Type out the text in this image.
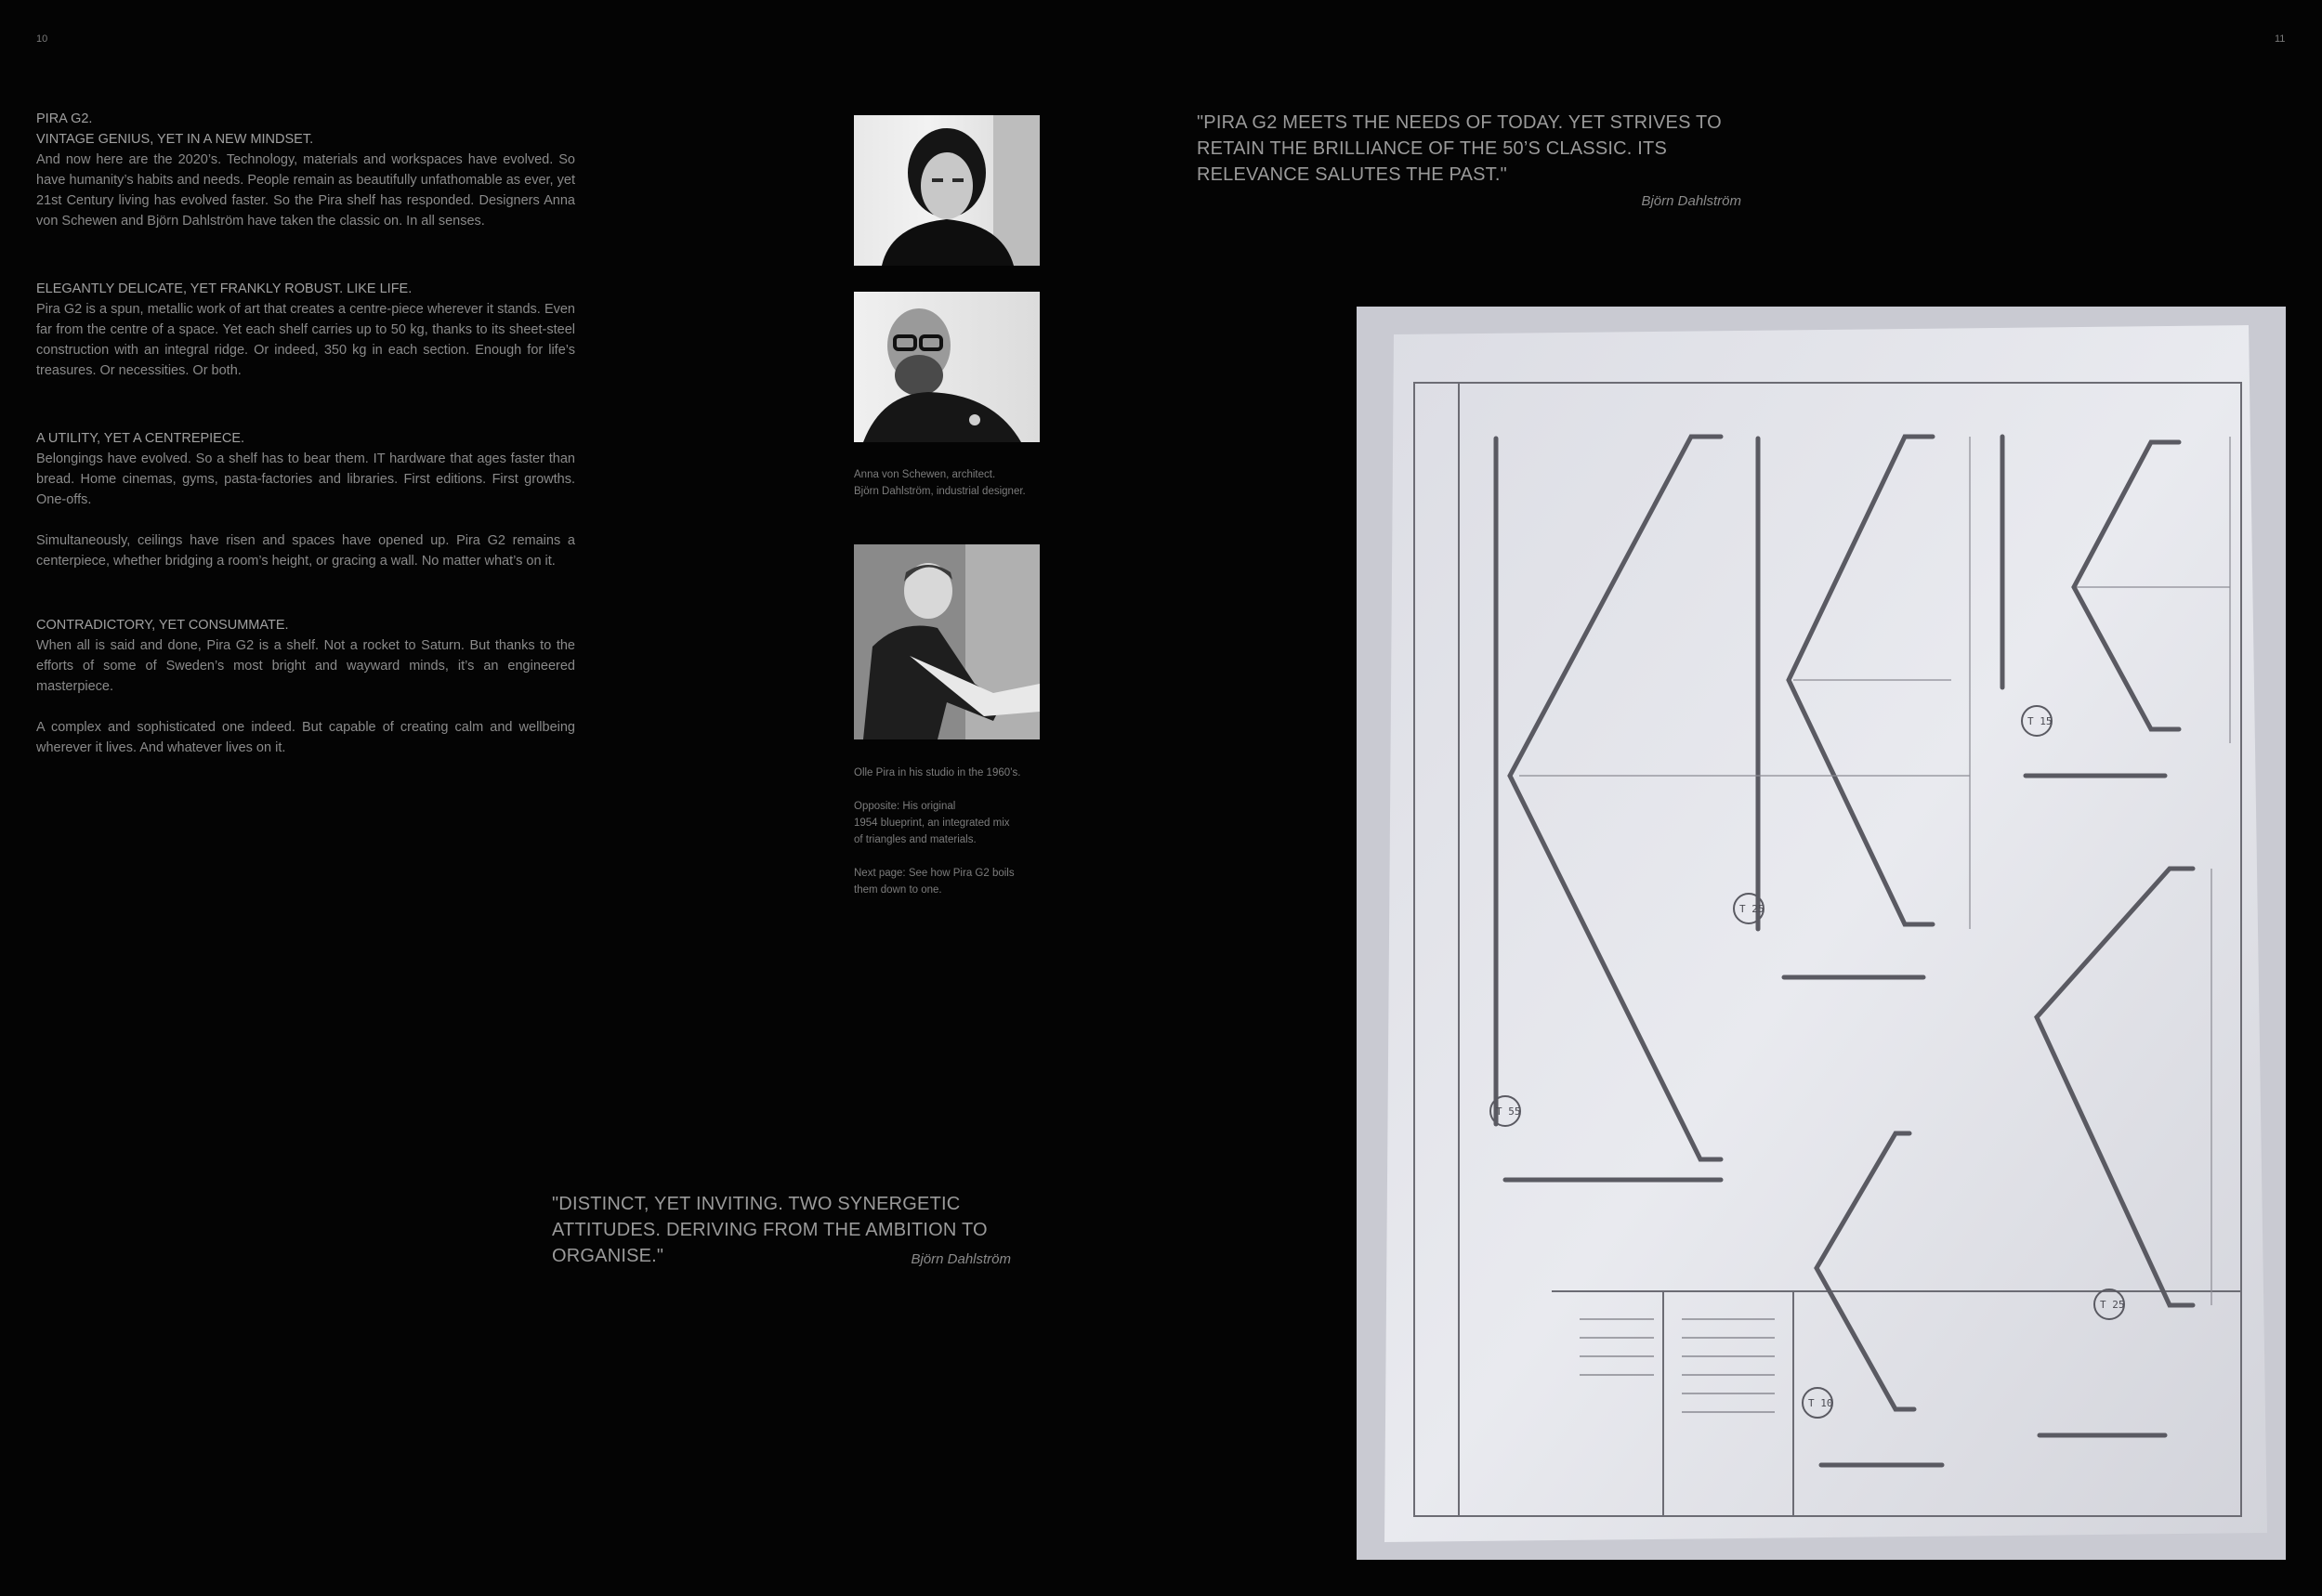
10	11
PIRA G2.
VINTAGE GENIUS, YET IN A NEW MINDSET.

And now here are the 2020’s. Technology, materials and workspaces have evolved. So have humanity’s habits and needs. People remain as beautifully unfathomable as ever, yet 21st Century living has evolved faster. So the Pira shelf has responded. Designers Anna von Schewen and Björn Dahlström have taken the classic on. In all senses.

ELEGANTLY DELICATE, YET FRANKLY ROBUST. LIKE LIFE.

Pira G2 is a spun, metallic work of art that creates a centre-piece wherever it stands. Even far from the centre of a space. Yet each shelf carries up to 50 kg, thanks to its sheet-steel construction with an integral ridge. Or indeed, 350 kg in each section. Enough for life’s treasures. Or necessities. Or both.

A UTILITY, YET A CENTREPIECE.

Belongings have evolved. So a shelf has to bear them. IT hardware that ages faster than bread. Home cinemas, gyms, pasta-factories and libraries. First editions. First growths. One-offs.

Simultaneously, ceilings have risen and spaces have opened up. Pira G2 remains a centerpiece, whether bridging a room’s height, or gracing a wall. No matter what’s on it.

CONTRADICTORY, YET CONSUMMATE.

When all is said and done, Pira G2 is a shelf. Not a rocket to Saturn. But thanks to the efforts of some of Sweden’s most bright and wayward minds, it’s an engineered masterpiece.

A complex and sophisticated one indeed. But capable of creating calm and wellbeing wherever it lives. And whatever lives on it.

Anna von Schewen, architect.
Björn Dahlström, industrial designer.

Olle Pira in his studio in the 1960’s.

Opposite: His original
1954 blueprint, an integrated mix
of triangles and materials.

Next page: See how Pira G2 boils
them down to one.

"DISTINCT, YET INVITING. TWO SYNERGETIC ATTITUDES. DERIVING FROM THE AMBITION TO ORGANISE."	Björn Dahlström
"PIRA G2 MEETS THE NEEDS OF TODAY. YET STRIVES TO RETAIN THE BRILLIANCE OF THE 50’S CLASSIC. ITS RELEVANCE SALUTES THE PAST."
Björn Dahlström
T 55
T 25
T 15
T 10
T 25
